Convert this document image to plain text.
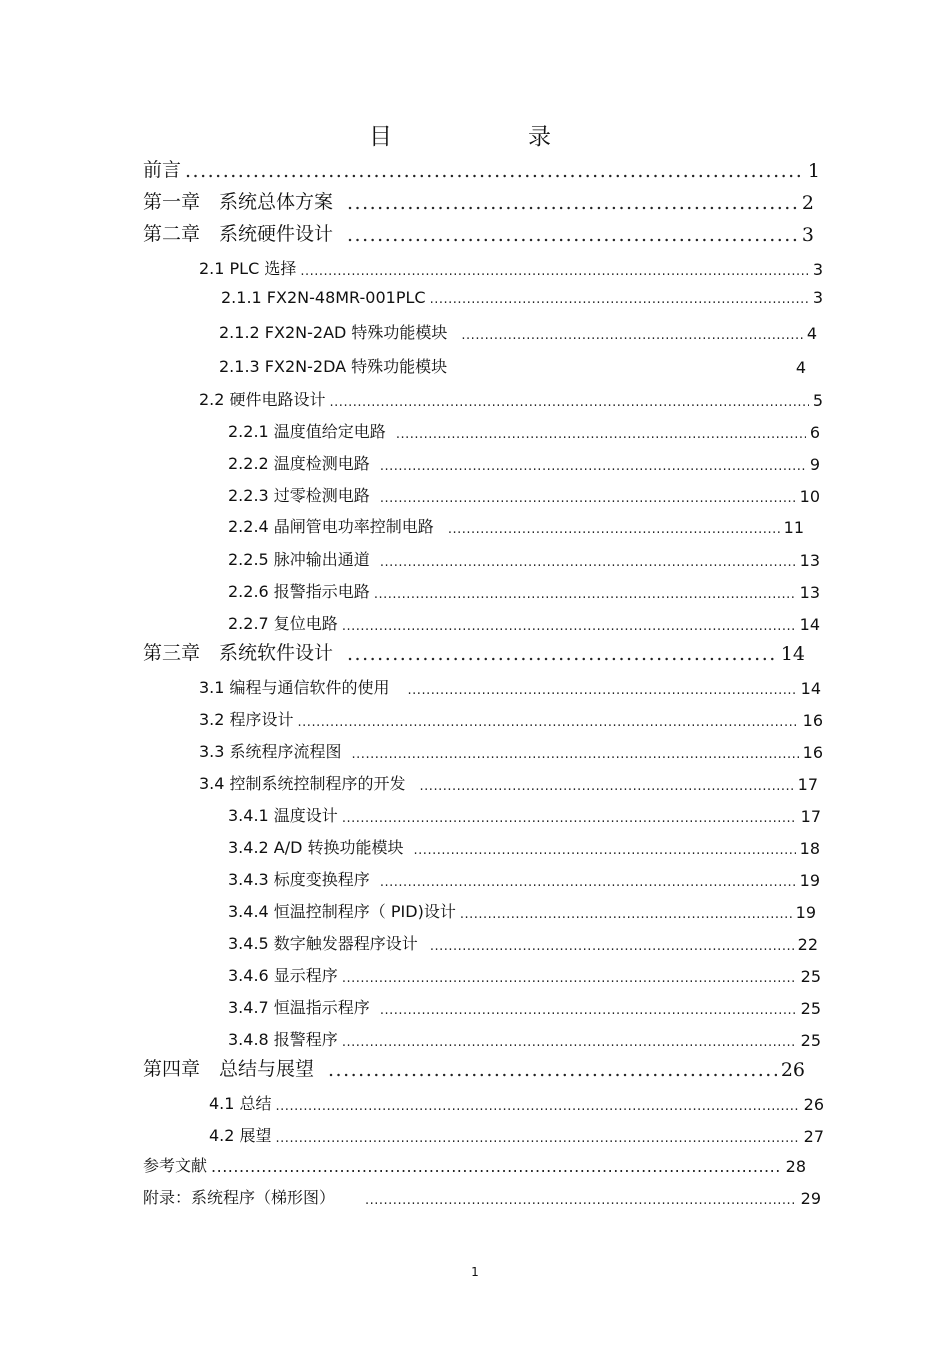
目　　录
前言 .....	1
第一章　系统总体方案 .....	2
第二章　系统硬件设计 .....	3
2.1 PLC 选择 .....	3
2.1.1 FX2N-48MR-001PLC .....	3
2.1.2 FX2N-2AD 特殊功能模块 .....	4
2.1.3 FX2N-2DA 特殊功能模块	4
2.2 硬件电路设计 .....	5
2.2.1 温度值给定电路 .....	6
2.2.2 温度检测电路 .....	9
2.2.3 过零检测电路 .....	10
2.2.4 晶闸管电功率控制电路 .....	11
2.2.5 脉冲输出通道 .....	13
2.2.6 报警指示电路 .....	13
2.2.7 复位电路 .....	14
第三章　系统软件设计 .....	14
3.1 编程与通信软件的使用 .....	14
3.2 程序设计 .....	16
3.3 系统程序流程图 .....	16
3.4 控制系统控制程序的开发 .....	17
3.4.1 温度设计 .....	17
3.4.2 A/D 转换功能模块 .....	18
3.4.3 标度变换程序 .....	19
3.4.4 恒温控制程序（ PID)设计 .....	19
3.4.5 数字触发器程序设计 .....	22
3.4.6 显示程序 .....	25
3.4.7 恒温指示程序 .....	25
3.4.8 报警程序 .....	25
第四章　总结与展望 .....	26
4.1 总结 .....	26
4.2 展望 .....	27
参考文献 .....	28
附录：系统程序（梯形图） .....	29
1
